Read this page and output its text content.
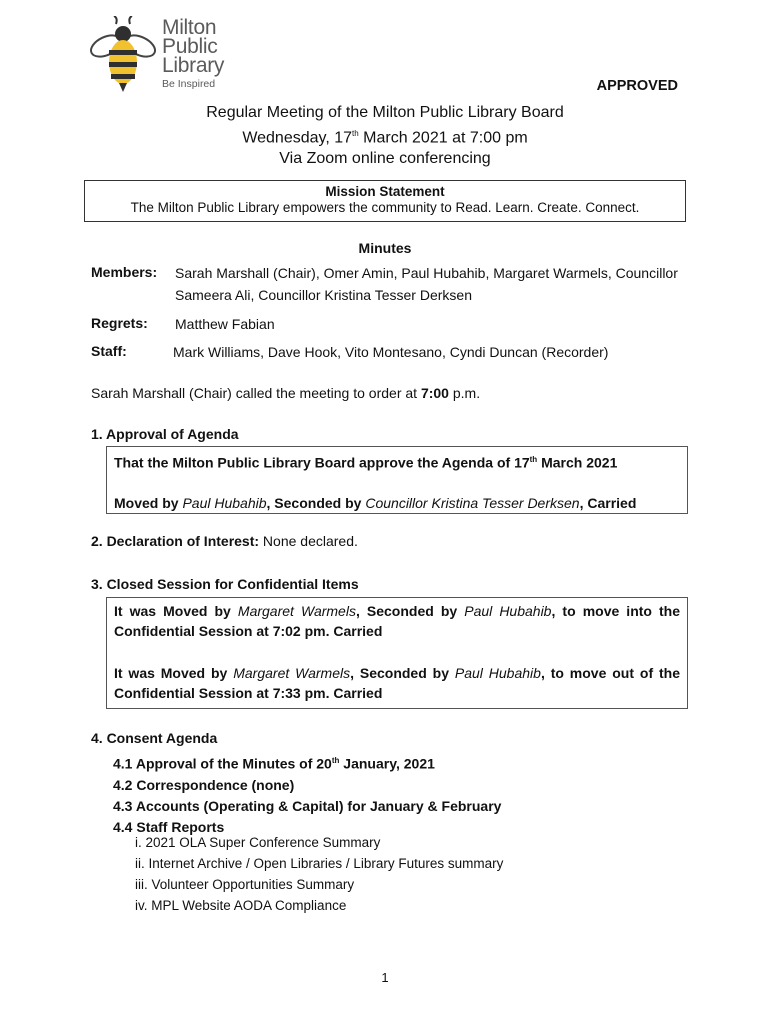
Milton
Public
Library
Be Inspired	APPROVED
Regular Meeting of the Milton Public Library Board
Wednesday, 17th March 2021 at 7:00 pm
Via Zoom online conferencing
Mission Statement
The Milton Public Library empowers the community to Read. Learn. Create. Connect.
Minutes
Members: Sarah Marshall (Chair), Omer Amin, Paul Hubahib, Margaret Warmels, Councillor Sameera Ali, Councillor Kristina Tesser Derksen
Regrets: Matthew Fabian
Staff:	Mark Williams, Dave Hook, Vito Montesano, Cyndi Duncan (Recorder)
Sarah Marshall (Chair) called the meeting to order at 7:00 p.m.
1. Approval of Agenda
That the Milton Public Library Board approve the Agenda of 17th March 2021
Moved by Paul Hubahib, Seconded by Councillor Kristina Tesser Derksen, Carried
2. Declaration of Interest: None declared.
3. Closed Session for Confidential Items
It was Moved by Margaret Warmels, Seconded by Paul Hubahib, to move into the Confidential Session at 7:02 pm. Carried
It was Moved by Margaret Warmels, Seconded by Paul Hubahib, to move out of the Confidential Session at 7:33 pm. Carried
4. Consent Agenda
4.1 Approval of the Minutes of 20th January, 2021
4.2 Correspondence (none)
4.3 Accounts (Operating & Capital) for January & February
4.4 Staff Reports
i. 2021 OLA Super Conference Summary
ii. Internet Archive / Open Libraries / Library Futures summary
iii. Volunteer Opportunities Summary
iv. MPL Website AODA Compliance
1
